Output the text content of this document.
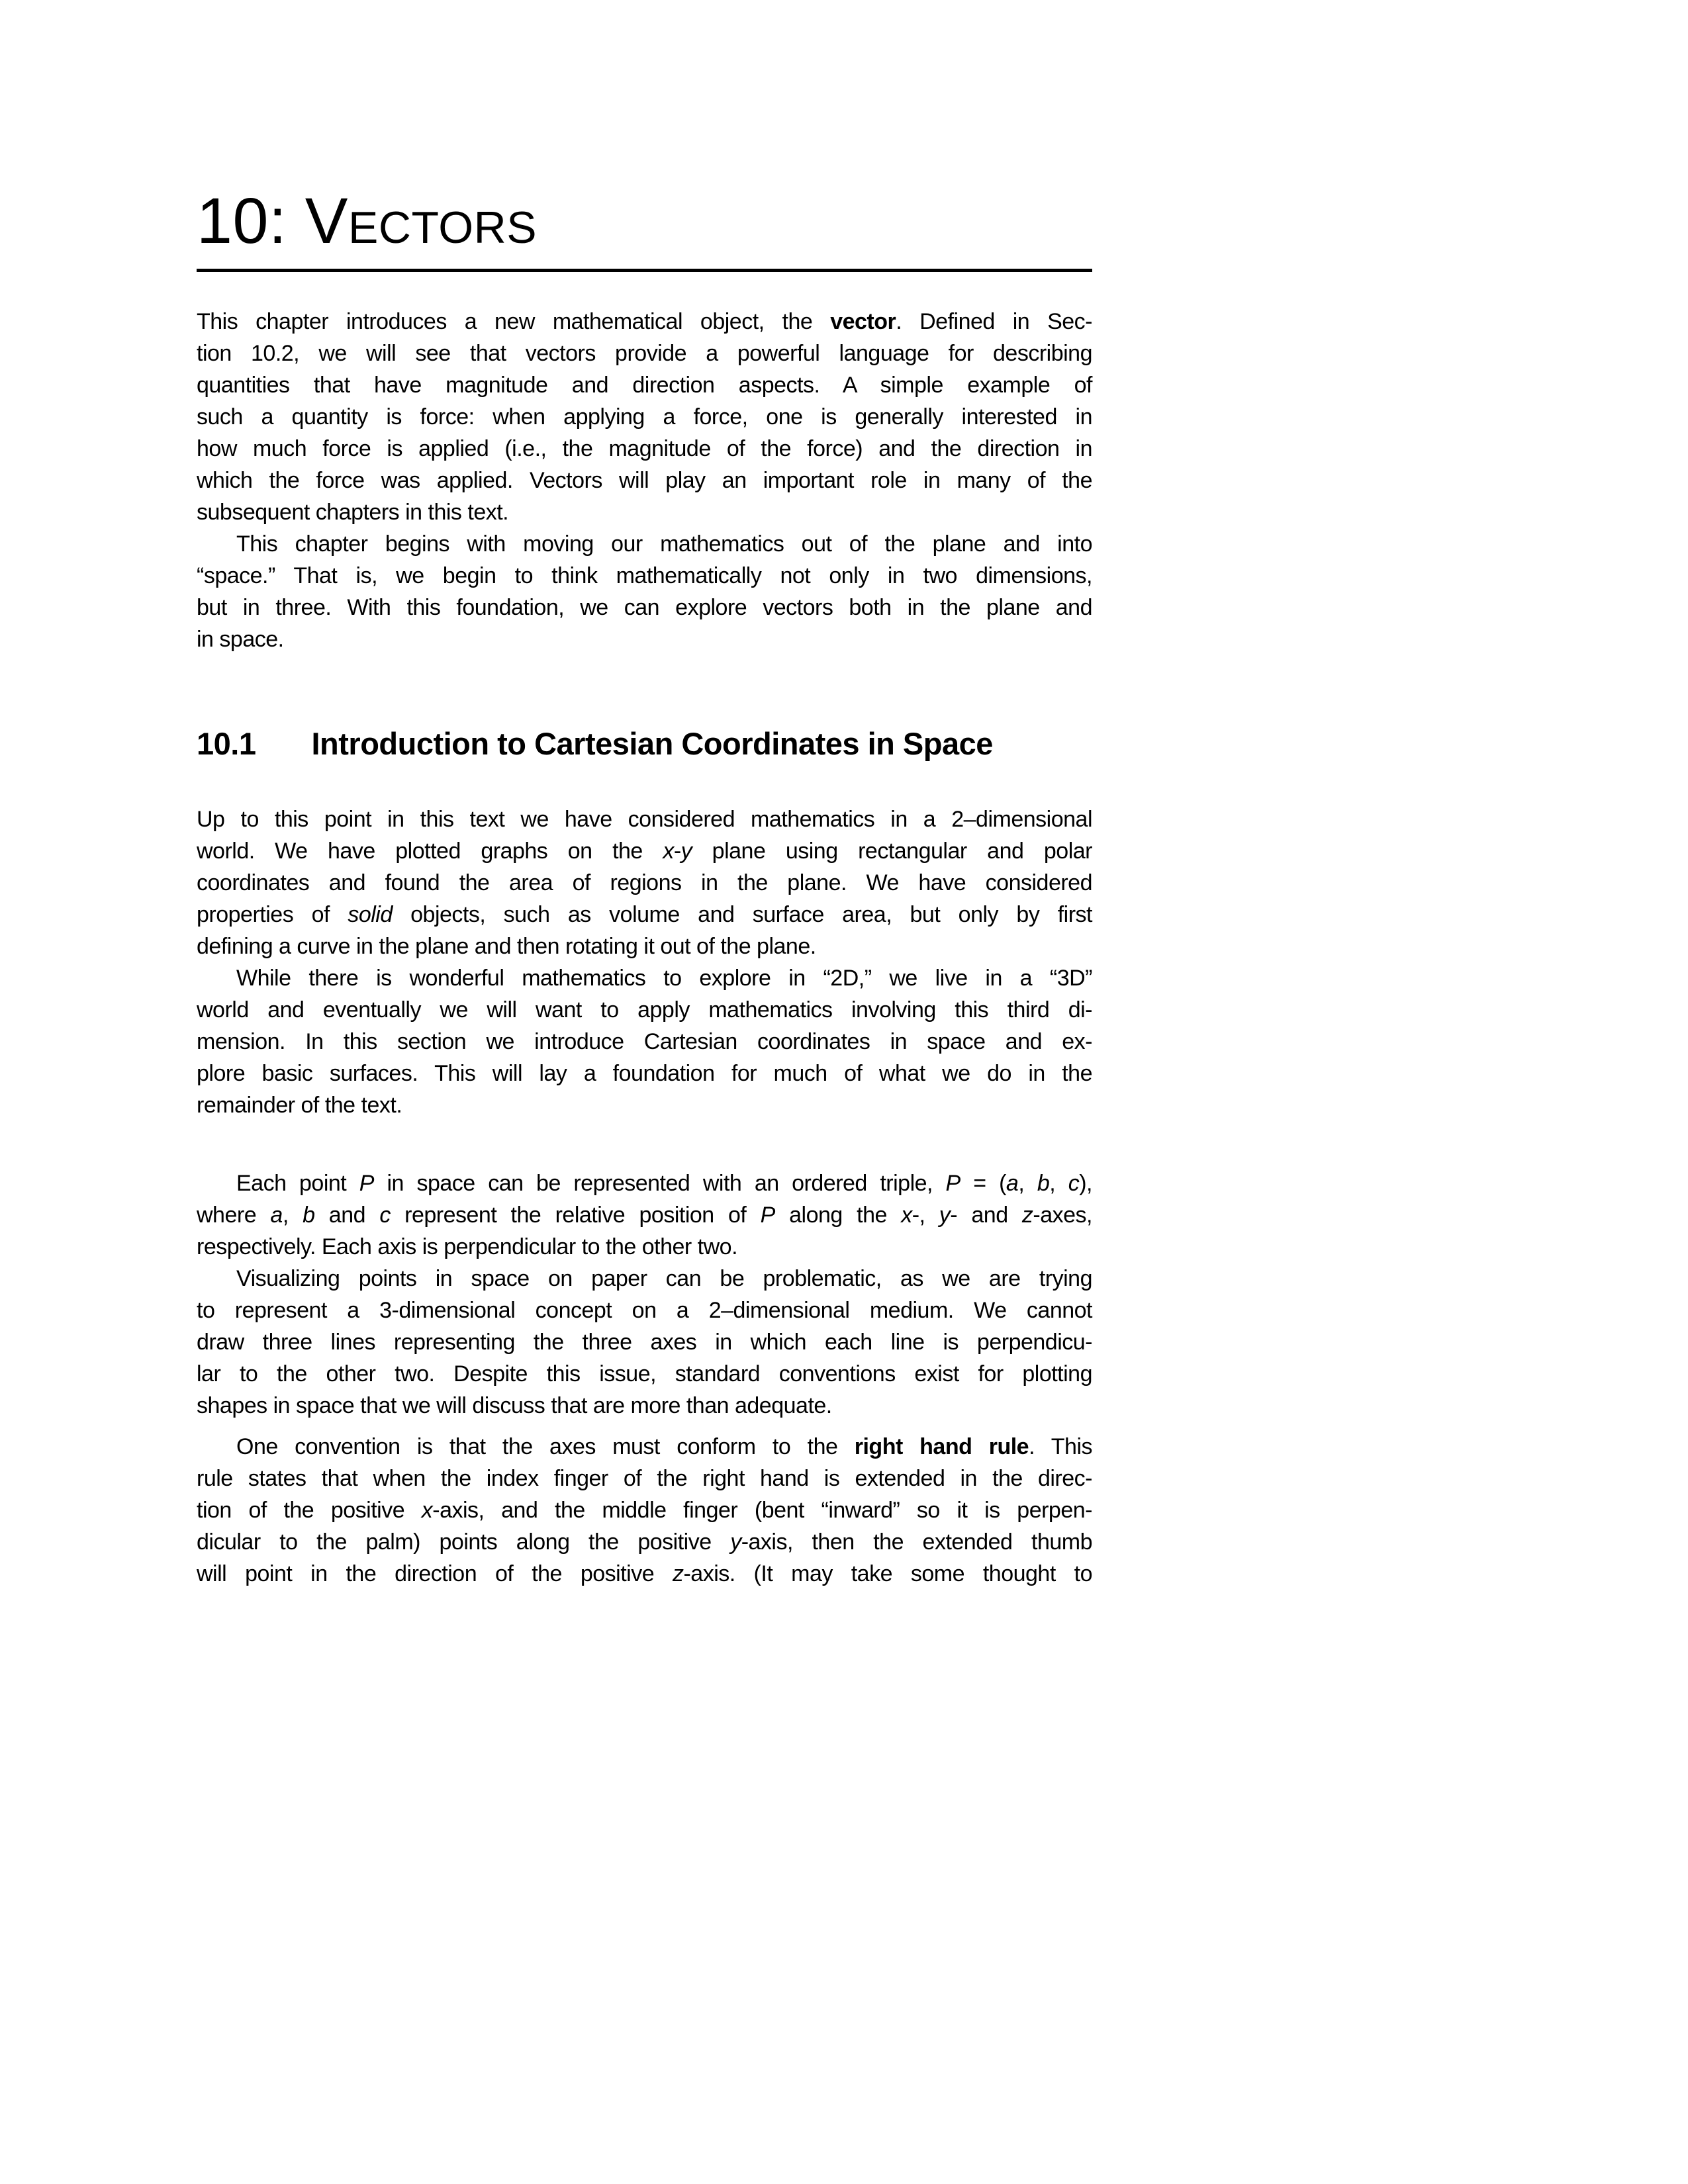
10: Vectors
This chapter introduces a new mathematical object, the vector. Defined in Sec-
tion 10.2, we will see that vectors provide a powerful language for describing
quantities that have magnitude and direction aspects. A simple example of
such a quantity is force: when applying a force, one is generally interested in
how much force is applied (i.e., the magnitude of the force) and the direction in
which the force was applied. Vectors will play an important role in many of the
subsequent chapters in this text.
This chapter begins with moving our mathematics out of the plane and into
“space.” That is, we begin to think mathematically not only in two dimensions,
but in three. With this foundation, we can explore vectors both in the plane and
in space.
10.1 Introduction to Cartesian Coordinates in Space
Up to this point in this text we have considered mathematics in a 2–dimensional
world. We have plotted graphs on the x-y plane using rectangular and polar
coordinates and found the area of regions in the plane. We have considered
properties of solid objects, such as volume and surface area, but only by first
defining a curve in the plane and then rotating it out of the plane.
While there is wonderful mathematics to explore in “2D,” we live in a “3D”
world and eventually we will want to apply mathematics involving this third di-
mension. In this section we introduce Cartesian coordinates in space and ex-
plore basic surfaces. This will lay a foundation for much of what we do in the
remainder of the text.
Each point P in space can be represented with an ordered triple, P = (a, b, c),
where a, b and c represent the relative position of P along the x-, y- and z-axes,
respectively. Each axis is perpendicular to the other two.
Visualizing points in space on paper can be problematic, as we are trying
to represent a 3-dimensional concept on a 2–dimensional medium. We cannot
draw three lines representing the three axes in which each line is perpendicu-
lar to the other two. Despite this issue, standard conventions exist for plotting
shapes in space that we will discuss that are more than adequate.
One convention is that the axes must conform to the right hand rule. This
rule states that when the index finger of the right hand is extended in the direc-
tion of the positive x-axis, and the middle finger (bent “inward” so it is perpen-
dicular to the palm) points along the positive y-axis, then the extended thumb
will point in the direction of the positive z-axis. (It may take some thought to
